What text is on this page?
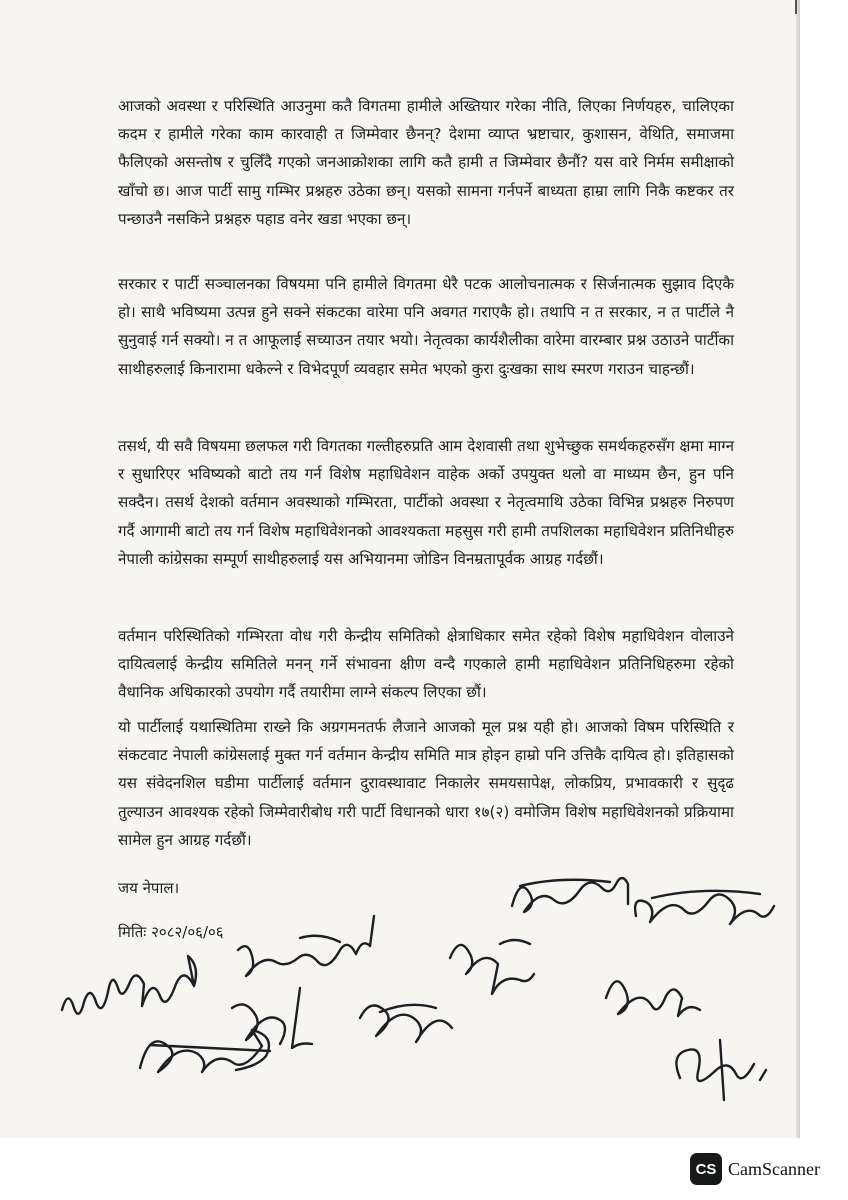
आजको अवस्था र परिस्थिति आउनुमा कतै विगतमा हामीले अख्तियार गरेका नीति, लिएका निर्णयहरु, चालिएका कदम र हामीले गरेका काम कारवाही त जिम्मेवार छैनन्? देशमा व्याप्त भ्रष्टाचार, कुशासन, वेथिति, समाजमा फैलिएको असन्तोष र चुलिँदै गएको जनआक्रोशका लागि कतै हामी त जिम्मेवार छैनौं? यस वारे निर्मम समीक्षाको खाँचो छ। आज पार्टी सामु गम्भिर प्रश्नहरु उठेका छन्। यसको सामना गर्नपर्ने बाध्यता हाम्रा लागि निकै कष्टकर तर पन्छाउनै नसकिने प्रश्नहरु पहाड वनेर खडा भएका छन्।

सरकार र पार्टी सञ्चालनका विषयमा पनि हामीले विगतमा धेरै पटक आलोचनात्मक र सिर्जनात्मक सुझाव दिएकै हो। साथै भविष्यमा उत्पन्न हुने सक्ने संकटका वारेमा पनि अवगत गराएकै हो। तथापि न त सरकार, न त पार्टीले नै सुनुवाई गर्न सक्यो। न त आफूलाई सच्याउन तयार भयो। नेतृत्वका कार्यशैलीका वारेमा वारम्बार प्रश्न उठाउने पार्टीका साथीहरुलाई किनारामा धकेल्ने र विभेदपूर्ण व्यवहार समेत भएको कुरा दुःखका साथ स्मरण गराउन चाहन्छौं।

तसर्थ, यी सवै विषयमा छलफल गरी विगतका गल्तीहरुप्रति आम देशवासी तथा शुभेच्छुक समर्थकहरुसँग क्षमा माग्न र सुधारिएर भविष्यको बाटो तय गर्न विशेष महाधिवेशन वाहेक अर्को उपयुक्त थलो वा माध्यम छैन, हुन पनि सक्दैन। तसर्थ देशको वर्तमान अवस्थाको गम्भिरता, पार्टीको अवस्था र नेतृत्वमाथि उठेका विभिन्न प्रश्नहरु निरुपण गर्दै आगामी बाटो तय गर्न विशेष महाधिवेशनको आवश्यकता महसुस गरी हामी तपशिलका महाधिवेशन प्रतिनिधीहरु नेपाली कांग्रेसका सम्पूर्ण साथीहरुलाई यस अभियानमा जोडिन विनम्रतापूर्वक आग्रह गर्दछौं।

वर्तमान परिस्थितिको गम्भिरता वोध गरी केन्द्रीय समितिको क्षेत्राधिकार समेत रहेको विशेष महाधिवेशन वोलाउने दायित्वलाई केन्द्रीय समितिले मनन् गर्ने संभावना क्षीण वन्दै गएकाले हामी महाधिवेशन प्रतिनिधिहरुमा रहेको वैधानिक अधिकारको उपयोग गर्दै तयारीमा लाग्ने संकल्प लिएका छौं।

यो पार्टीलाई यथास्थितिमा राख्ने कि अग्रगमनतर्फ लैजाने आजको मूल प्रश्न यही हो। आजको विषम परिस्थिति र संकटवाट नेपाली कांग्रेसलाई मुक्त गर्न वर्तमान केन्द्रीय समिति मात्र होइन हाम्रो पनि उत्तिकै दायित्व हो। इतिहासको यस संवेदनशिल घडीमा पार्टीलाई वर्तमान दुरावस्थावाट निकालेर समयसापेक्ष, लोकप्रिय, प्रभावकारी र सुदृढ तुल्याउन आवश्यक रहेको जिम्मेवारीबोध गरी पार्टी विधानको धारा १७(२) वमोजिम विशेष महाधिवेशनको प्रक्रियामा सामेल हुन आग्रह गर्दछौं।

जय नेपाल।
मितिः २०८२/०६/०६
CS CamScanner
